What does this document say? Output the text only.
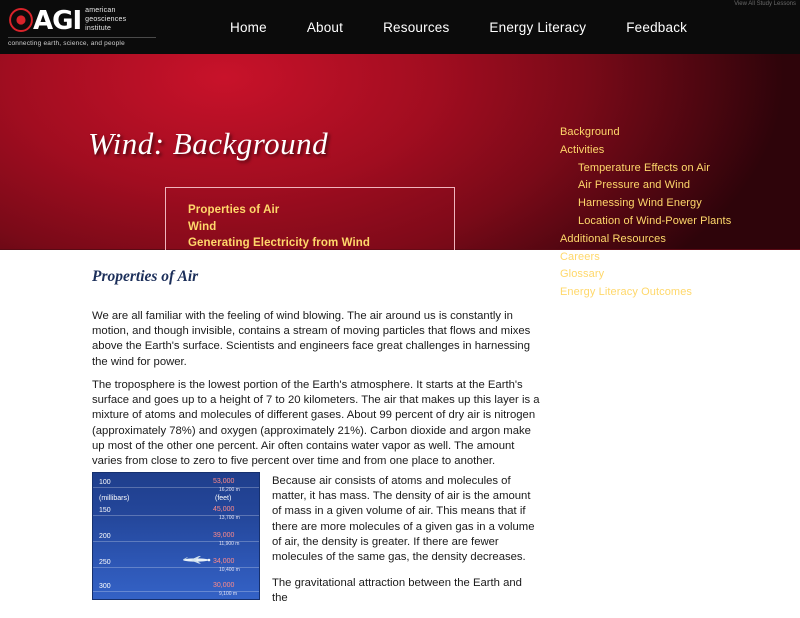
⦿AGI american
geosciences
institute
connecting earth, science, and people
Home	About	Resources	Energy Literacy	Feedback
View All Study Lessons
Wind: Background
Properties of Air
Wind
Generating Electricity from Wind
Background
Activities
Temperature Effects on Air
Air Pressure and Wind
Harnessing Wind Energy
Location of Wind-Power Plants
Additional Resources
Careers
Glossary
Energy Literacy Outcomes
Properties of Air
We are all familiar with the feeling of wind blowing. The air around us is constantly in motion, and though invisible, contains a stream of moving particles that flows and mixes above the Earth's surface. Scientists and engineers face great challenges in harnessing the wind for power.
The troposphere is the lowest portion of the Earth's atmosphere. It starts at the Earth's surface and goes up to a height of 7 to 20 kilometers. The air that makes up this layer is a mixture of atoms and molecules of different gases. About 99 percent of dry air is nitrogen (approximately 78%) and oxygen (approximately 21%). Carbon dioxide and argon make up most of the other one percent. Air often contains water vapor as well. The amount varies from close to zero to five percent over time and from one place to another.
100
(millibars)
150
200
250
300
53,000
16,200 m
(feet)
45,000
13,700 m
39,000
11,900 m
34,000
10,400 m
30,000
9,100 m

Because air consists of atoms and molecules of matter, it has mass. The density of air is the amount of mass in a given volume of air. This means that if there are more molecules of a given gas in a volume of air, the density is greater. If there are fewer molecules of the same gas, the density decreases.

The gravitational attraction between the Earth and the
